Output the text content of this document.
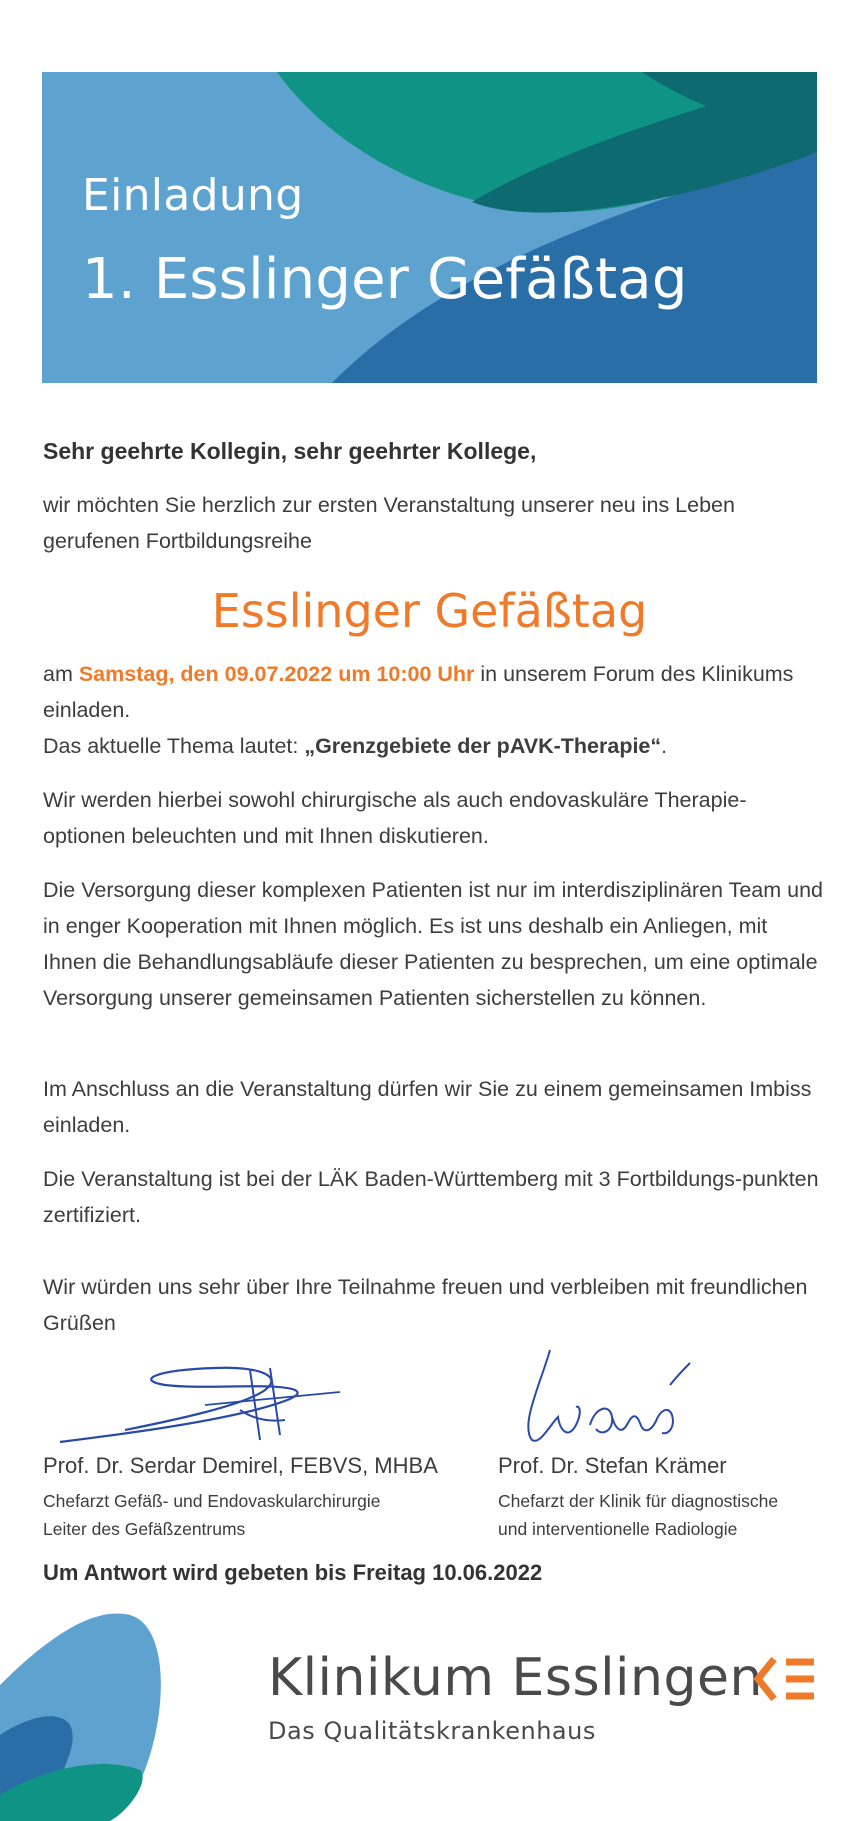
Einladung
1. Esslinger Gefäßtag
Sehr geehrte Kollegin, sehr geehrter Kollege,
wir möchten Sie herzlich zur ersten Veranstaltung unserer neu ins Leben gerufenen Fortbildungsreihe
Esslinger Gefäßtag
am Samstag, den 09.07.2022 um 10:00 Uhr in unserem Forum des Klinikums einladen.
Das aktuelle Thema lautet: „Grenzgebiete der pAVK-Therapie“.
Wir werden hierbei sowohl chirurgische als auch endovaskuläre Therapie-optionen beleuchten und mit Ihnen diskutieren.
Die Versorgung dieser komplexen Patienten ist nur im interdisziplinären Team und in enger Kooperation mit Ihnen möglich. Es ist uns deshalb ein Anliegen, mit Ihnen die Behandlungsabläufe dieser Patienten zu besprechen, um eine optimale Versorgung unserer gemeinsamen Patienten sicherstellen zu können.
Im Anschluss an die Veranstaltung dürfen wir Sie zu einem gemeinsamen Imbiss einladen.
Die Veranstaltung ist bei der LÄK Baden-Württemberg mit 3 Fortbildungs-punkten zertifiziert.
Wir würden uns sehr über Ihre Teilnahme freuen und verbleiben mit freundlichen Grüßen
Prof. Dr. Serdar Demirel, FEBVS, MHBA
Chefarzt Gefäß- und Endovaskularchirurgie
Leiter des Gefäßzentrums
Prof. Dr. Stefan Krämer
Chefarzt der Klinik für diagnostische
und interventionelle Radiologie
Um Antwort wird gebeten bis Freitag 10.06.2022
Klinikum Esslingen
Das Qualitätskrankenhaus
